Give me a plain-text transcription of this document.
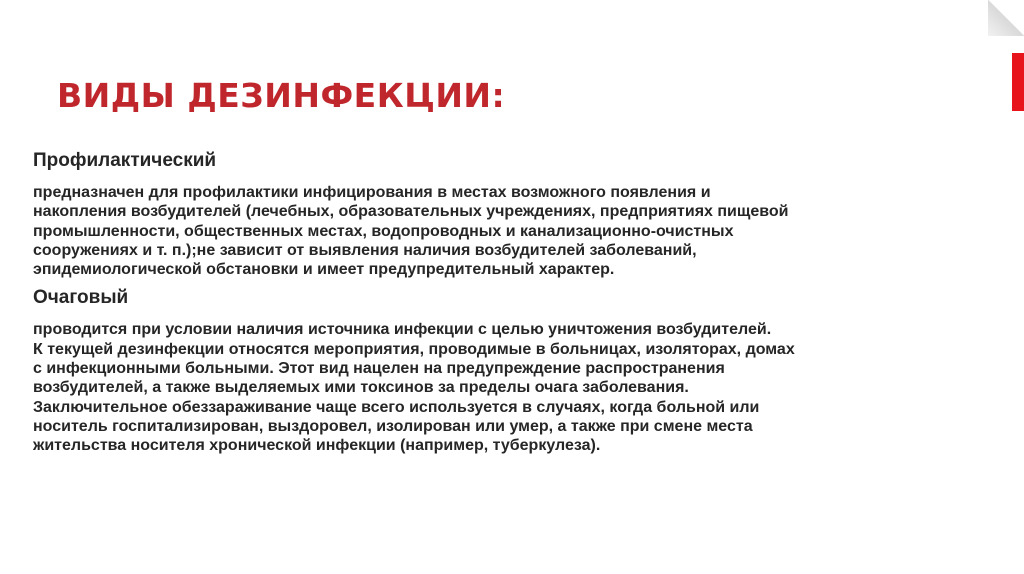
ВИДЫ ДЕЗИНФЕКЦИИ:
Профилактический

предназначен для профилактики инфицирования в местах возможного появления и
накопления возбудителей (лечебных, образовательных учреждениях, предприятиях пищевой
промышленности, общественных местах, водопроводных и канализационно-очистных
сооружениях и т. п.);не зависит от выявления наличия возбудителей заболеваний,
эпидемиологической обстановки и имеет предупредительный характер.

Очаговый

проводится при условии наличия источника инфекции с целью уничтожения возбудителей.
К текущей дезинфекции относятся мероприятия, проводимые в больницах, изоляторах, домах
с инфекционными больными. Этот вид нацелен на предупреждение распространения
возбудителей, а также выделяемых ими токсинов за пределы очага заболевания.
Заключительное обеззараживание чаще всего используется в случаях, когда больной или
носитель госпитализирован, выздоровел, изолирован или умер, а также при смене места
жительства носителя хронической инфекции (например, туберкулеза).
